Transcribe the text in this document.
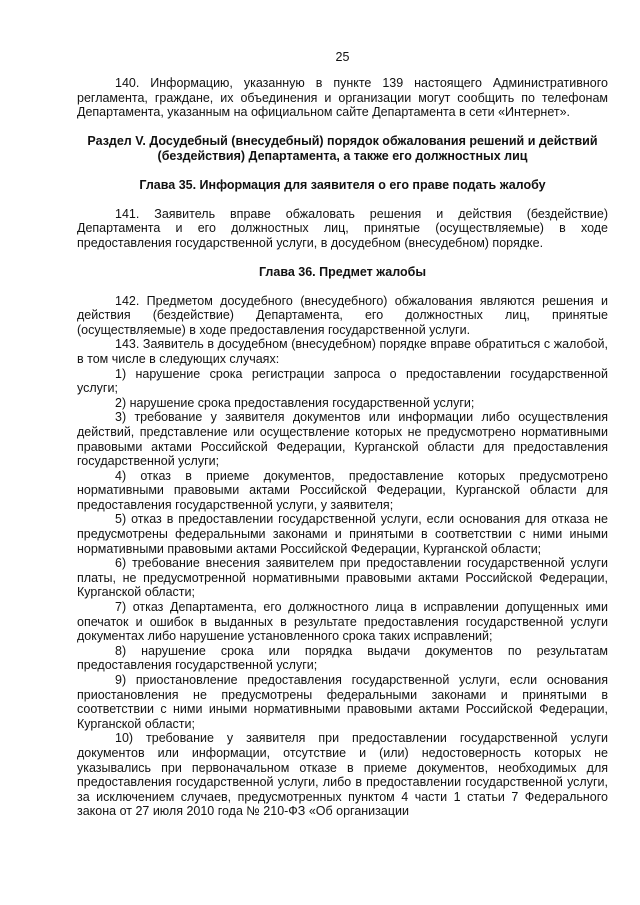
25

140. Информацию, указанную в пункте 139 настоящего Административного регламента, граждане, их объединения и организации могут сообщить по телефонам Департамента, указанным на официальном сайте Департамента в сети «Интернет».

Раздел V. Досудебный (внесудебный) порядок обжалования решений и действий (бездействия) Департамента, а также его должностных лиц
Глава 35. Информация для заявителя о его праве подать жалобу

141. Заявитель вправе обжаловать решения и действия (бездействие) Департамента и его должностных лиц, принятые (осуществляемые) в ходе предоставления государственной услуги, в досудебном (внесудебном) порядке.

Глава 36. Предмет жалобы

142. Предметом досудебного (внесудебного) обжалования являются решения и действия (бездействие) Департамента, его должностных лиц, принятые (осуществляемые) в ходе предоставления государственной услуги.

143. Заявитель в досудебном (внесудебном) порядке вправе обратиться с жалобой, в том числе в следующих случаях:

1) нарушение срока регистрации запроса о предоставлении государственной услуги;

2) нарушение срока предоставления государственной услуги;

3) требование у заявителя документов или информации либо осуществления действий, представление или осуществление которых не предусмотрено нормативными правовыми актами Российской Федерации, Курганской области для предоставления государственной услуги;

4) отказ в приеме документов, предоставление которых предусмотрено нормативными правовыми актами Российской Федерации, Курганской области для предоставления государственной услуги, у заявителя;

5) отказ в предоставлении государственной услуги, если основания для отказа не предусмотрены федеральными законами и принятыми в соответствии с ними иными нормативными правовыми актами Российской Федерации, Курганской области;

6) требование внесения заявителем при предоставлении государственной услуги платы, не предусмотренной нормативными правовыми актами Российской Федерации, Курганской области;

7) отказ Департамента, его должностного лица в исправлении допущенных ими опечаток и ошибок в выданных в результате предоставления государственной услуги документах либо нарушение установленного срока таких исправлений;

8) нарушение срока или порядка выдачи документов по результатам предоставления государственной услуги;

9) приостановление предоставления государственной услуги, если основания приостановления не предусмотрены федеральными законами и принятыми в соответствии с ними иными нормативными правовыми актами Российской Федерации, Курганской области;

10) требование у заявителя при предоставлении государственной услуги документов или информации, отсутствие и (или) недостоверность которых не указывались при первоначальном отказе в приеме документов, необходимых для предоставления государственной услуги, либо в предоставлении государственной услуги, за исключением случаев, предусмотренных пунктом 4 части 1 статьи 7 Федерального закона от 27 июля 2010 года № 210-ФЗ «Об организации
